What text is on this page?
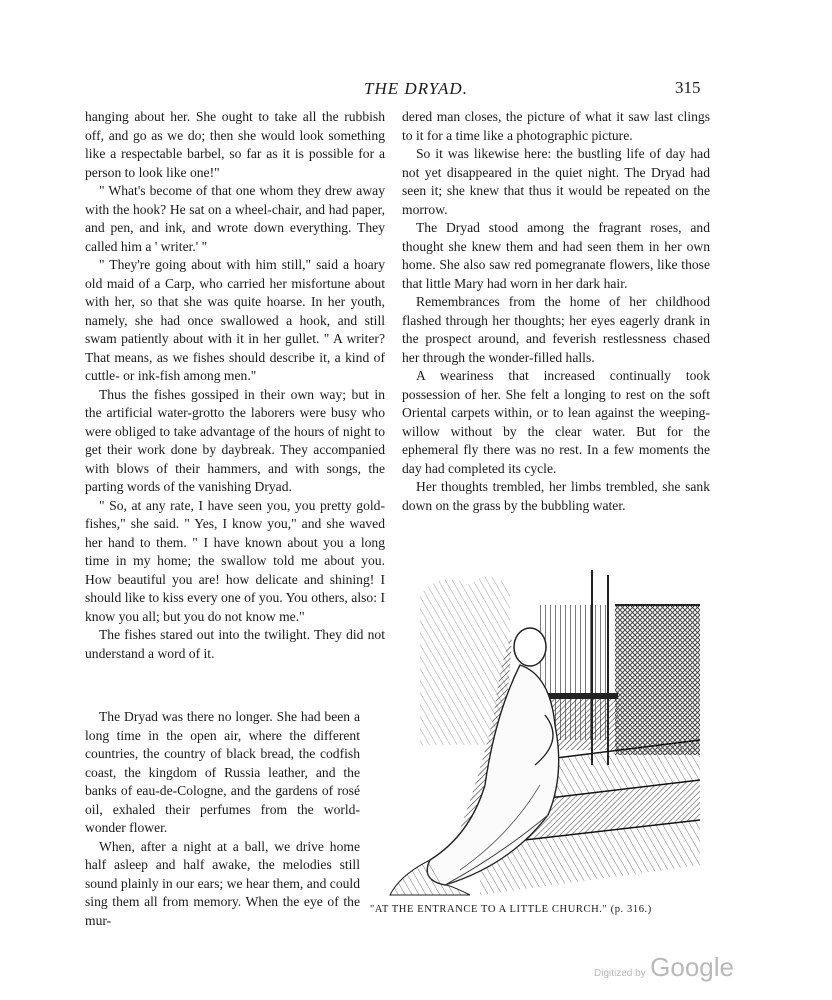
THE DRYAD.	315

hanging about her. She ought to take all the rubbish off, and go as we do; then she would look something like a respectable barbel, so far as it is possible for a person to look like one!"

" What's become of that one whom they drew away with the hook? He sat on a wheel-chair, and had paper, and pen, and ink, and wrote down everything. They called him a ' writer.' "

" They're going about with him still," said a hoary old maid of a Carp, who carried her misfortune about with her, so that she was quite hoarse. In her youth, namely, she had once swallowed a hook, and still swam patiently about with it in her gullet. " A writer? That means, as we fishes should describe it, a kind of cuttle- or ink-fish among men."

Thus the fishes gossiped in their own way; but in the artificial water-grotto the laborers were busy who were obliged to take advantage of the hours of night to get their work done by daybreak. They accompanied with blows of their hammers, and with songs, the parting words of the vanishing Dryad.

" So, at any rate, I have seen you, you pretty gold-fishes," she said. " Yes, I know you," and she waved her hand to them. " I have known about you a long time in my home; the swallow told me about you. How beautiful you are! how delicate and shining! I should like to kiss every one of you. You others, also: I know you all; but you do not know me."

The fishes stared out into the twilight. They did not understand a word of it.

The Dryad was there no longer. She had been a long time in the open air, where the different countries, the country of black bread, the codfish coast, the kingdom of Russia leather, and the banks of eau-de-Cologne, and the gardens of rosé oil, exhaled their perfumes from the world-wonder flower.

When, after a night at a ball, we drive home half asleep and half awake, the melodies still sound plainly in our ears; we hear them, and could sing them all from memory. When the eye of the mur-

dered man closes, the picture of what it saw last clings to it for a time like a photographic picture.

So it was likewise here: the bustling life of day had not yet disappeared in the quiet night. The Dryad had seen it; she knew that thus it would be repeated on the morrow.

The Dryad stood among the fragrant roses, and thought she knew them and had seen them in her own home. She also saw red pomegranate flowers, like those that little Mary had worn in her dark hair.

Remembrances from the home of her childhood flashed through her thoughts; her eyes eagerly drank in the prospect around, and feverish restlessness chased her through the wonder-filled halls.

A weariness that increased continually took possession of her. She felt a longing to rest on the soft Oriental carpets within, or to lean against the weeping-willow without by the clear water. But for the ephemeral fly there was no rest. In a few moments the day had completed its cycle.

Her thoughts trembled, her limbs trembled, she sank down on the grass by the bubbling water.

"AT THE ENTRANCE TO A LITTLE CHURCH." (p. 316.)
Digitized by Google
